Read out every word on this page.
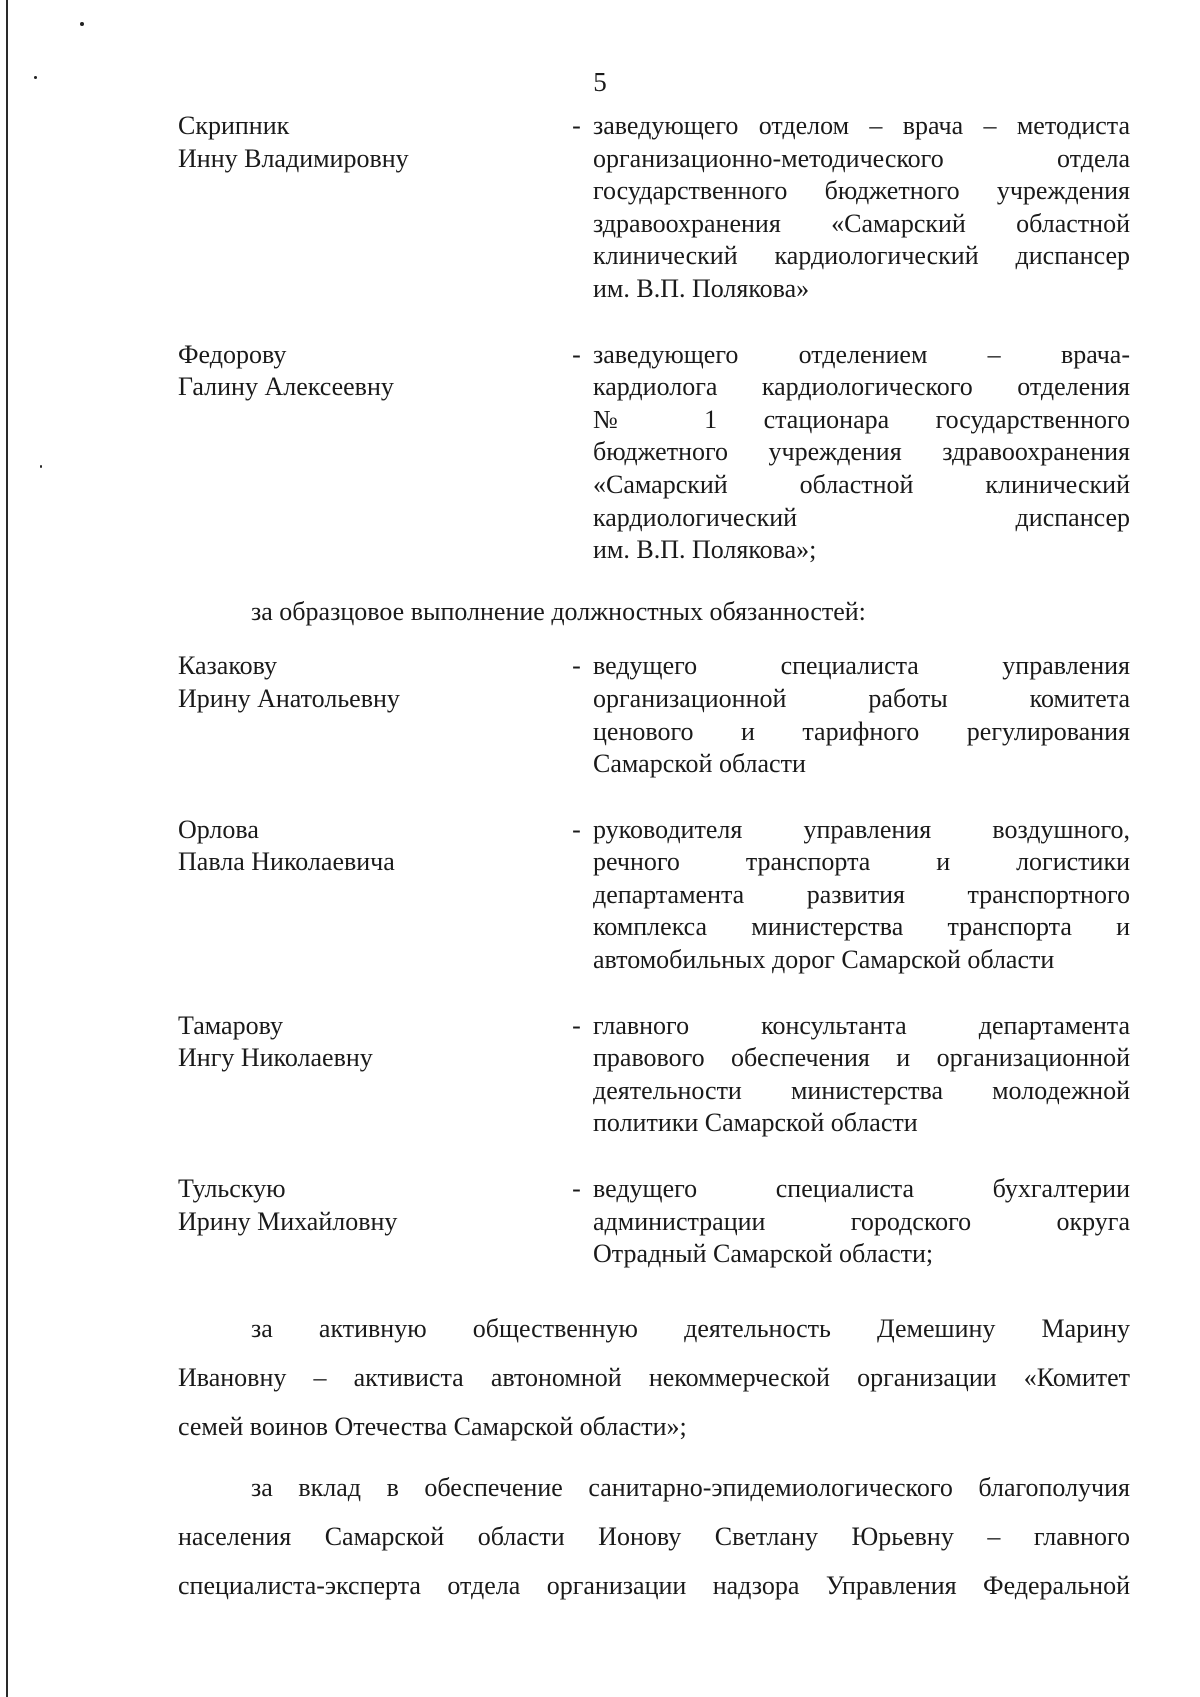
5
Скрипник
Инну Владимировну
- заведующего отделом – врача – методиста
организационно-методического отдела
государственного бюджетного учреждения
здравоохранения «Самарский областной
клинический кардиологический диспансер
им. В.П. Полякова»
Федорову
Галину Алексеевну
- заведующего отделением – врача-
кардиолога кардиологического отделения
№ 1 стационара государственного
бюджетного учреждения здравоохранения
«Самарский областной клинический
кардиологический диспансер
им. В.П. Полякова»;
за образцовое выполнение должностных обязанностей:
Казакову
Ирину Анатольевну
- ведущего специалиста управления
организационной работы комитета
ценового и тарифного регулирования
Самарской области
Орлова
Павла Николаевича
- руководителя управления воздушного,
речного транспорта и логистики
департамента развития транспортного
комплекса министерства транспорта и
автомобильных дорог Самарской области
Тамарову
Ингу Николаевну
- главного консультанта департамента
правового обеспечения и организационной
деятельности министерства молодежной
политики Самарской области
Тульскую
Ирину Михайловну
- ведущего специалиста бухгалтерии
администрации городского округа
Отрадный Самарской области;
за активную общественную деятельность Демешину Марину
Ивановну – активиста автономной некоммерческой организации «Комитет
семей воинов Отечества Самарской области»;
за вклад в обеспечение санитарно-эпидемиологического благополучия
населения Самарской области Ионову Светлану Юрьевну – главного
специалиста-эксперта отдела организации надзора Управления Федеральной
